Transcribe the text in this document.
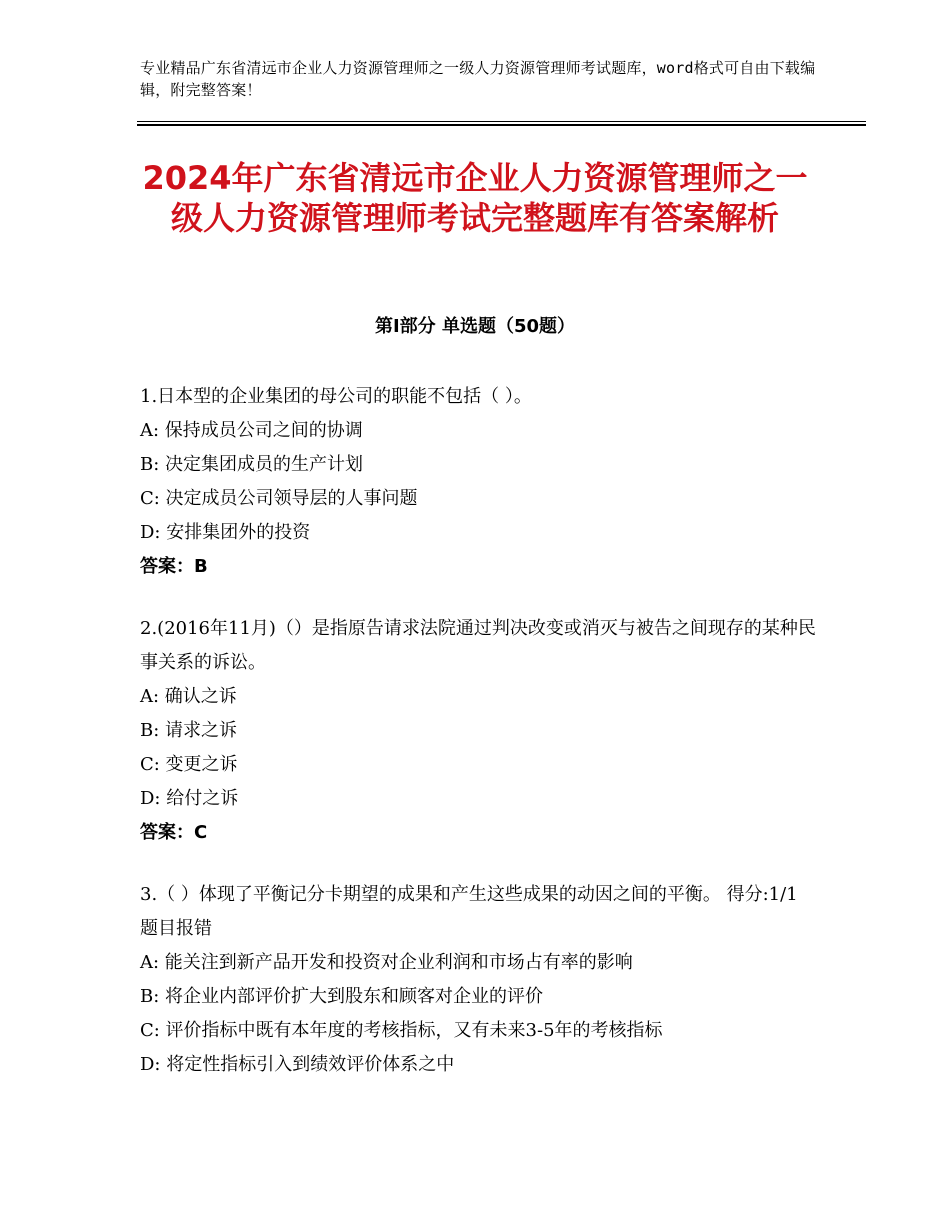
专业精品广东省清远市企业人力资源管理师之一级人力资源管理师考试题库，word格式可自由下载编辑，附完整答案！

2024年广东省清远市企业人力资源管理师之一级人力资源管理师考试完整题库有答案解析
第Ⅰ部分 单选题（50题）

1.日本型的企业集团的母公司的职能不包括（ ）。

A: 保持成员公司之间的协调

B: 决定集团成员的生产计划

C: 决定成员公司领导层的人事问题

D: 安排集团外的投资

答案：B

2.(2016年11月)（）是指原告请求法院通过判决改变或消灭与被告之间现存的某种民事关系的诉讼。

A: 确认之诉

B: 请求之诉

C: 变更之诉

D: 给付之诉

答案：C

3.（ ）体现了平衡记分卡期望的成果和产生这些成果的动因之间的平衡。 得分:1/1 题目报错

A: 能关注到新产品开发和投资对企业利润和市场占有率的影响

B: 将企业内部评价扩大到股东和顾客对企业的评价

C: 评价指标中既有本年度的考核指标，又有未来3-5年的考核指标

D: 将定性指标引入到绩效评价体系之中
